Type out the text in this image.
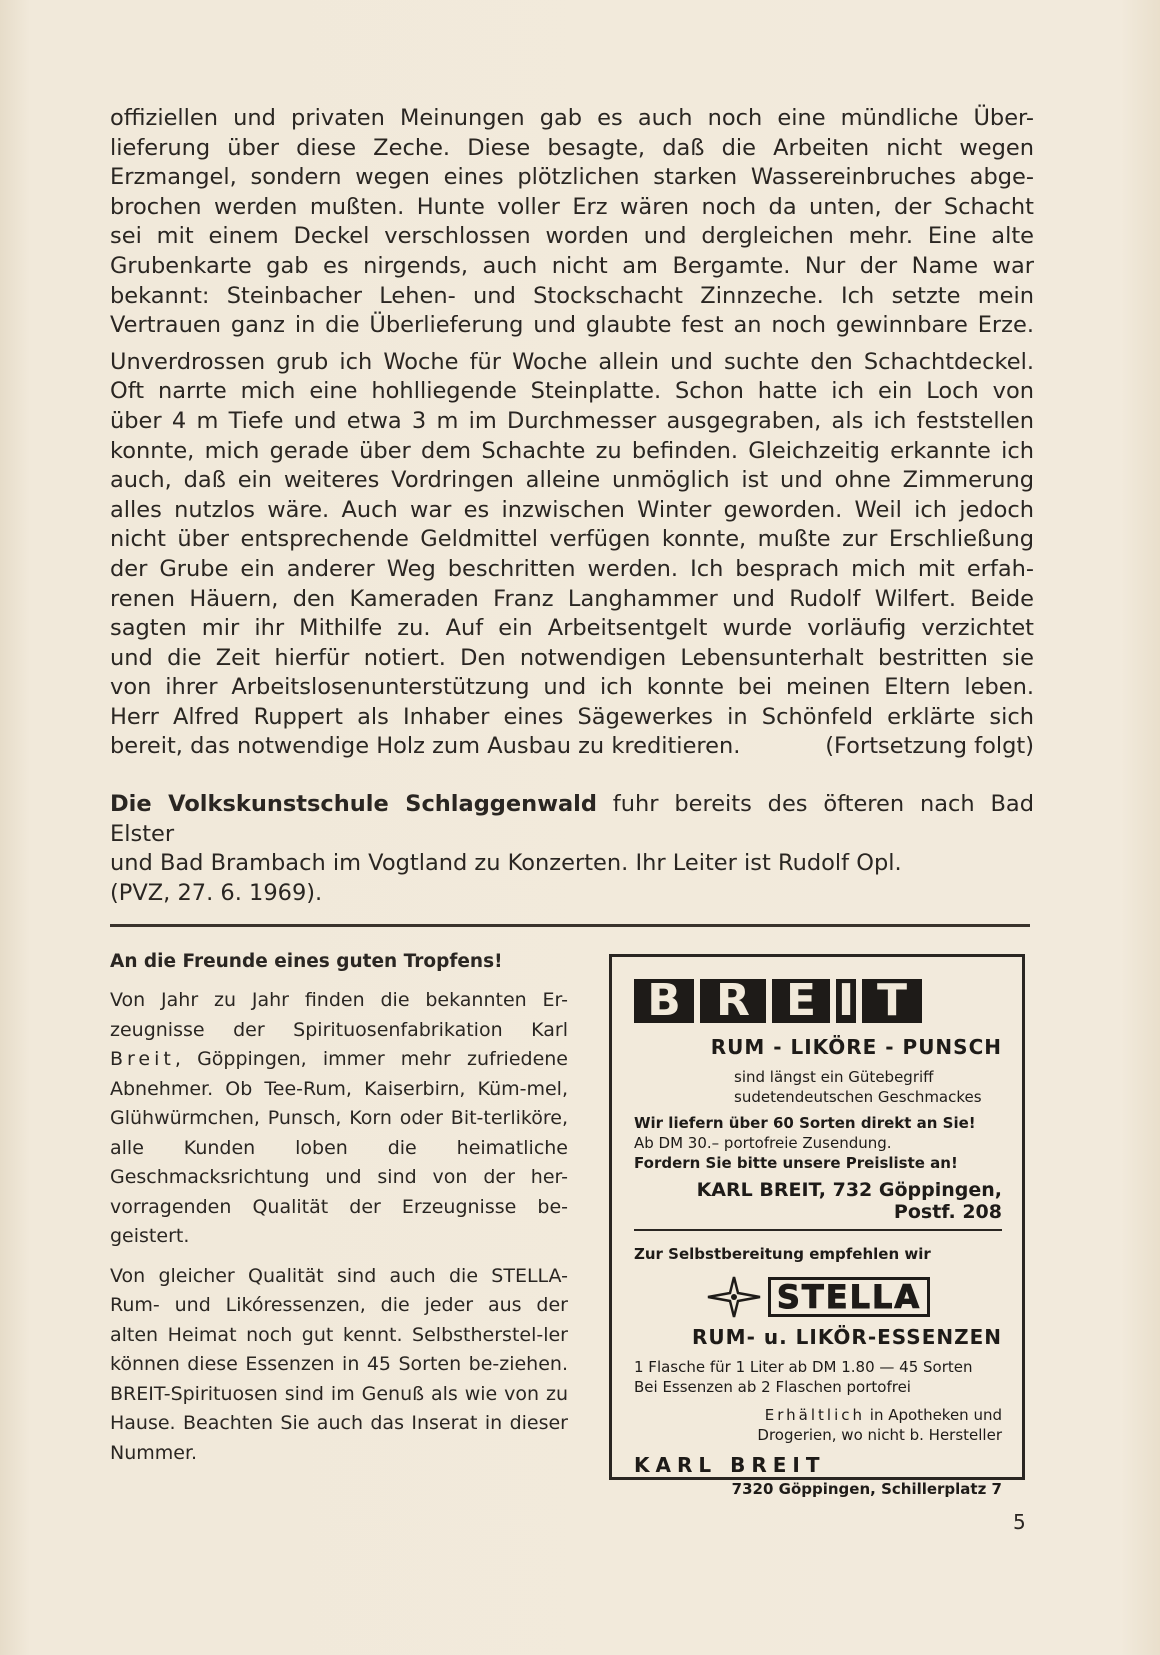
offiziellen und privaten Meinungen gab es auch noch eine mündliche Über-
lieferung über diese Zeche. Diese besagte, daß die Arbeiten nicht wegen
Erzmangel, sondern wegen eines plötzlichen starken Wassereinbruches abge-
brochen werden mußten. Hunte voller Erz wären noch da unten, der Schacht
sei mit einem Deckel verschlossen worden und dergleichen mehr. Eine alte
Grubenkarte gab es nirgends, auch nicht am Bergamte. Nur der Name war
bekannt: Steinbacher Lehen- und Stockschacht Zinnzeche. Ich setzte mein
Vertrauen ganz in die Überlieferung und glaubte fest an noch gewinnbare Erze.

Unverdrossen grub ich Woche für Woche allein und suchte den Schachtdeckel.
Oft narrte mich eine hohlliegende Steinplatte. Schon hatte ich ein Loch von
über 4 m Tiefe und etwa 3 m im Durchmesser ausgegraben, als ich feststellen
konnte, mich gerade über dem Schachte zu befinden. Gleichzeitig erkannte ich
auch, daß ein weiteres Vordringen alleine unmöglich ist und ohne Zimmerung
alles nutzlos wäre. Auch war es inzwischen Winter geworden. Weil ich jedoch
nicht über entsprechende Geldmittel verfügen konnte, mußte zur Erschließung
der Grube ein anderer Weg beschritten werden. Ich besprach mich mit erfah-
renen Häuern, den Kameraden Franz Langhammer und Rudolf Wilfert. Beide
sagten mir ihr Mithilfe zu. Auf ein Arbeitsentgelt wurde vorläufig verzichtet
und die Zeit hierfür notiert. Den notwendigen Lebensunterhalt bestritten sie
von ihrer Arbeitslosenunterstützung und ich konnte bei meinen Eltern leben.
Herr Alfred Ruppert als Inhaber eines Sägewerkes in Schönfeld erklärte sich
bereit, das notwendige Holz zum Ausbau zu kreditieren.	(Fortsetzung folgt)

Die Volkskunstschule Schlaggenwald fuhr bereits des öfteren nach Bad Elster
und Bad Brambach im Vogtland zu Konzerten. Ihr Leiter ist Rudolf Opl.
(PVZ, 27. 6. 1969).

An die Freunde eines guten Tropfens!

Von Jahr zu Jahr finden die bekannten Er-zeugnisse der Spirituosenfabrikation Karl Breit, Göppingen, immer mehr zufriedene Abnehmer. Ob Tee-Rum, Kaiserbirn, Küm-mel, Glühwürmchen, Punsch, Korn oder Bit-terliköre, alle Kunden loben die heimatliche Geschmacksrichtung und sind von der her-vorragenden Qualität der Erzeugnisse be-geistert.

Von gleicher Qualität sind auch die STELLA-Rum- und Likóressenzen, die jeder aus der alten Heimat noch gut kennt. Selbstherstel-ler können diese Essenzen in 45 Sorten be-ziehen. BREIT-Spirituosen sind im Genuß als wie von zu Hause. Beachten Sie auch das Inserat in dieser Nummer.

B R E I T
RUM - LIKÖRE - PUNSCH
sind längst ein Gütebegriff
sudetendeutschen Geschmackes
Wir liefern über 60 Sorten direkt an Sie!
Ab DM 30.– portofreie Zusendung.
Fordern Sie bitte unsere Preisliste an!
KARL BREIT, 732 Göppingen, Postf. 208
Zur Selbstbereitung empfehlen wir
STELLA
RUM- u. LIKÖR-ESSENZEN
1 Flasche für 1 Liter ab DM 1.80 — 45 Sorten
Bei Essenzen ab 2 Flaschen portofrei
Erhältlich in Apotheken und
Drogerien, wo nicht b. Hersteller
KARL BREIT
7320 Göppingen, Schillerplatz 7
5
